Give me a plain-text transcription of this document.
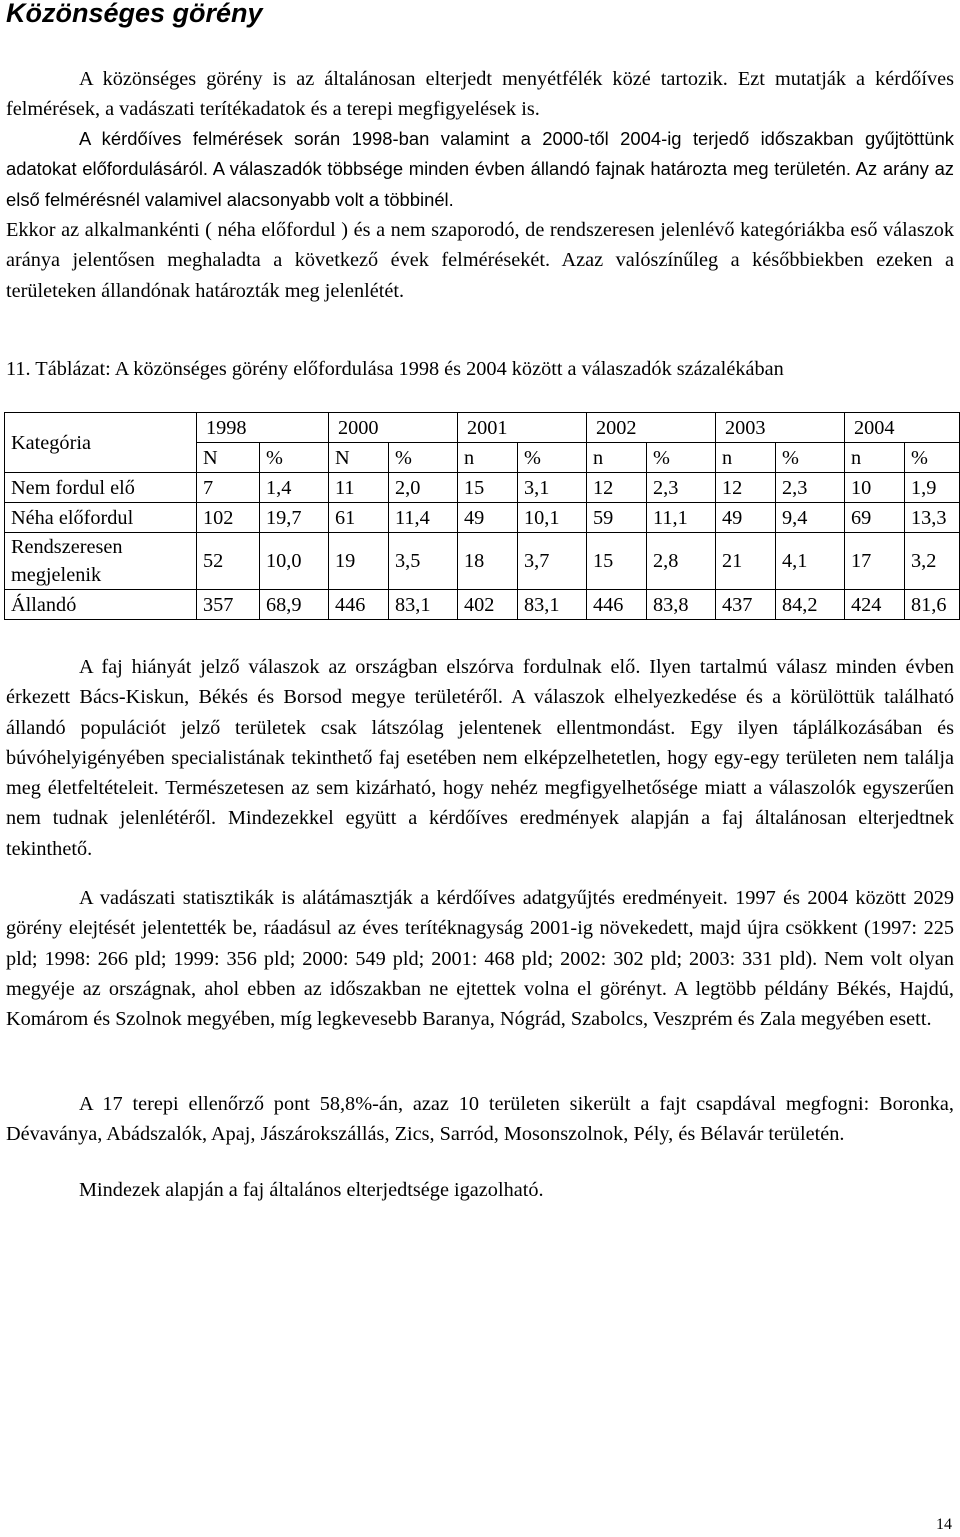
Közönséges görény
A közönséges görény is az általánosan elterjedt menyétfélék közé tartozik. Ezt mutatják a kérdőíves felmérések, a vadászati terítékadatok és a terepi megfigyelések is.
A kérdőíves felmérések során 1998-ban valamint a 2000-től 2004-ig terjedő időszakban gyűjtöttünk adatokat előfordulásáról. A válaszadók többsége minden évben állandó fajnak határozta meg területén. Az arány az első felmérésnél valamivel alacsonyabb volt a többinél.
Ekkor az alkalmankénti ( néha előfordul ) és a nem szaporodó, de rendszeresen jelenlévő kategóriákba eső válaszok aránya jelentősen meghaladta a következő évek felmérésekét. Azaz valószínűleg a későbbiekben ezeken a területeken állandónak határozták meg jelenlétét.
11. Táblázat: A közönséges görény előfordulása 1998 és 2004 között a válaszadók százalékában
Kategória	1998		2000		2001		2002		2003		2004	
	N	%	N	%	n	%	n	%	n	%	n	%
Nem fordul elő	7	1,4	11	2,0	15	3,1	12	2,3	12	2,3	10	1,9
Néha előfordul	102	19,7	61	11,4	49	10,1	59	11,1	49	9,4	69	13,3
Rendszeresen megjelenik	52	10,0	19	3,5	18	3,7	15	2,8	21	4,1	17	3,2
Állandó	357	68,9	446	83,1	402	83,1	446	83,8	437	84,2	424	81,6
A faj hiányát jelző válaszok az országban elszórva fordulnak elő. Ilyen tartalmú válasz minden évben érkezett Bács-Kiskun, Békés és Borsod megye területéről. A válaszok elhelyezkedése és a körülöttük található állandó populációt jelző területek csak látszólag jelentenek ellentmondást. Egy ilyen táplálkozásában és búvóhelyigényében specialistának tekinthető faj esetében nem elképzelhetetlen, hogy egy-egy területen nem találja meg életfeltételeit. Természetesen az sem kizárható, hogy nehéz megfigyelhetősége miatt a válaszolók egyszerűen nem tudnak jelenlétéről. Mindezekkel együtt a kérdőíves eredmények alapján a faj általánosan elterjedtnek tekinthető.
A vadászati statisztikák is alátámasztják a kérdőíves adatgyűjtés eredményeit. 1997 és 2004 között 2029 görény elejtését jelentették be, ráadásul az éves terítéknagyság 2001-ig növekedett, majd újra csökkent (1997: 225 pld; 1998: 266 pld; 1999: 356 pld; 2000: 549 pld; 2001: 468 pld; 2002: 302 pld; 2003: 331 pld). Nem volt olyan megyéje az országnak, ahol ebben az időszakban ne ejtettek volna el görényt. A legtöbb példány Békés, Hajdú, Komárom és Szolnok megyében, míg legkevesebb Baranya, Nógrád, Szabolcs, Veszprém és Zala megyében esett.
A 17 terepi ellenőrző pont 58,8%-án, azaz 10 területen sikerült a fajt csapdával megfogni: Boronka, Dévaványa, Abádszalók, Apaj, Jászárokszállás, Zics, Sarród, Mosonszolnok, Pély, és Bélavár területén.
Mindezek alapján a faj általános elterjedtsége igazolható.
14
